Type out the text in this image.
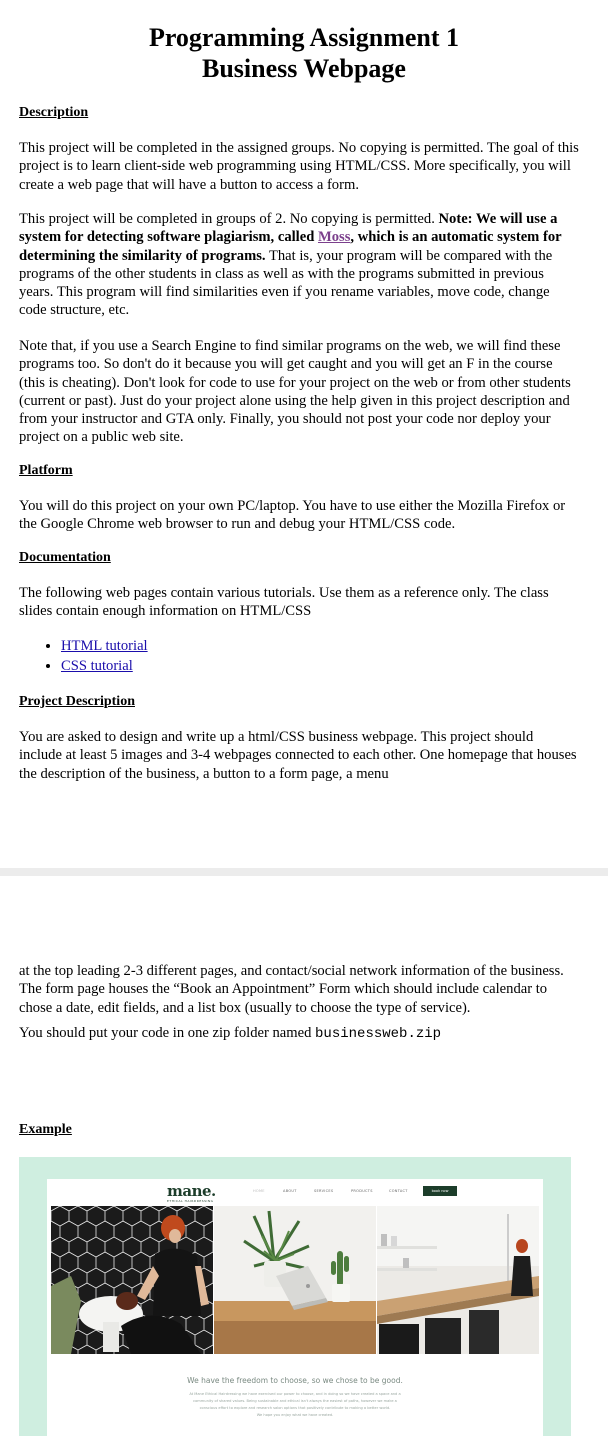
Programming Assignment 1
Business Webpage
Description

This project will be completed in the assigned groups. No copying is permitted. The goal of this project is to learn client-side web programming using HTML/CSS. More specifically, you will create a web page that will have a button to access a form.

This project will be completed in groups of 2. No copying is permitted. Note: We will use a system for detecting software plagiarism, called Moss, which is an automatic system for determining the similarity of programs. That is, your program will be compared with the programs of the other students in class as well as with the programs submitted in previous years. This program will find similarities even if you rename variables, move code, change code structure, etc.

Note that, if you use a Search Engine to find similar programs on the web, we will find these programs too. So don't do it because you will get caught and you will get an F in the course (this is cheating). Don't look for code to use for your project on the web or from other students (current or past). Just do your project alone using the help given in this project description and from your instructor and GTA only. Finally, you should not post your code nor deploy your project on a public web site.

Platform

You will do this project on your own PC/laptop. You have to use either the Mozilla Firefox or the Google Chrome web browser to run and debug your HTML/CSS code.

Documentation

The following web pages contain various tutorials. Use them as a reference only. The class slides contain enough information on HTML/CSS

• HTML tutorial
• CSS tutorial
Project Description

You are asked to design and write up a html/CSS business webpage. This project should include at least 5 images and 3-4 webpages connected to each other. One homepage that houses the description of the business, a button to a form page, a menu

at the top leading 2-3 different pages, and contact/social network information of the business. The form page houses the “Book an Appointment” Form which should include calendar to chose a date, edit fields, and a list box (usually to choose the type of service).

You should put your code in one zip folder named businessweb.zip

Example
mane.
ETHICAL HAIRDRESSING
HOME	ABOUT	SERVICES	PRODUCTS	CONTACT	book now
We have the freedom to choose, so we chose to be good.
At Mane Ethical Hairdressing we have exercised our power to choose, and in doing so we have created a space and a
community of shared values. Being sustainable and ethical isn't always the easiest of paths, however we make a
conscious effort to explore and research salon options that positively contribute to making a better world.
We hope you enjoy what we have created.
